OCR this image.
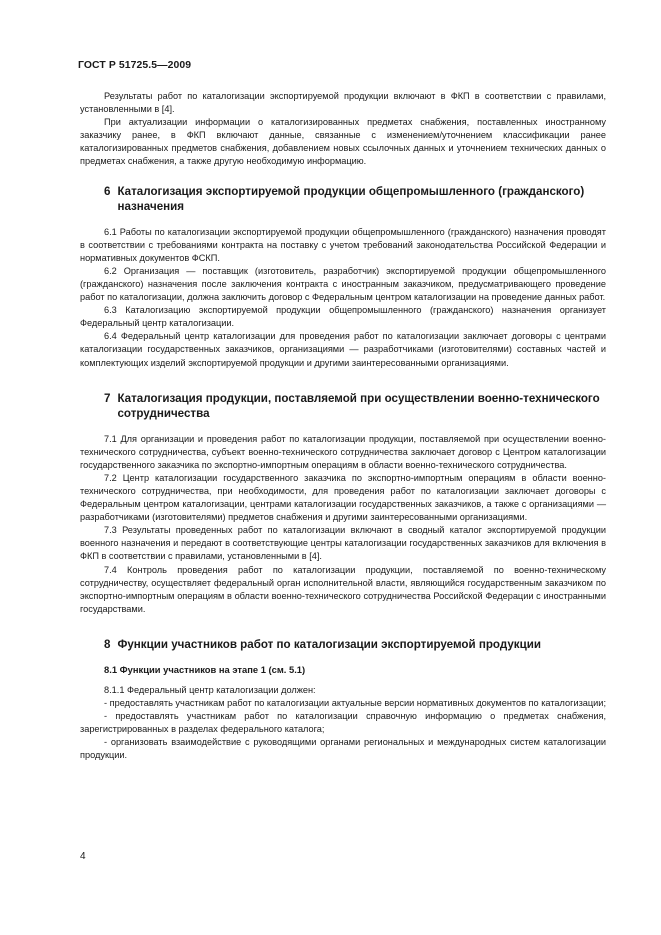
ГОСТ Р 51725.5—2009

Результаты работ по каталогизации экспортируемой продукции включают в ФКП в соответствии с правилами, установленными в [4].

При актуализации информации о каталогизированных предметах снабжения, поставленных иностранному заказчику ранее, в ФКП включают данные, связанные с изменением/уточнением классификации ранее каталогизированных предметов снабжения, добавлением новых ссылочных данных и уточнением технических данных о предметах снабжения, а также другую необходимую информацию.

6 Каталогизация экспортируемой продукции общепромышленного (гражданского) назначения

6.1 Работы по каталогизации экспортируемой продукции общепромышленного (гражданского) назначения проводят в соответствии с требованиями контракта на поставку с учетом требований законодательства Российской Федерации и нормативных документов ФСКП.

6.2 Организация — поставщик (изготовитель, разработчик) экспортируемой продукции общепромышленного (гражданского) назначения после заключения контракта с иностранным заказчиком, предусматривающего проведение работ по каталогизации, должна заключить договор с Федеральным центром каталогизации на проведение данных работ.

6.3 Каталогизацию экспортируемой продукции общепромышленного (гражданского) назначения организует Федеральный центр каталогизации.

6.4 Федеральный центр каталогизации для проведения работ по каталогизации заключает договоры с центрами каталогизации государственных заказчиков, организациями — разработчиками (изготовителями) составных частей и комплектующих изделий экспортируемой продукции и другими заинтересованными организациями.

7 Каталогизация продукции, поставляемой при осуществлении военно-технического сотрудничества

7.1 Для организации и проведения работ по каталогизации продукции, поставляемой при осуществлении военно-технического сотрудничества, субъект военно-технического сотрудничества заключает договор с Центром каталогизации государственного заказчика по экспортно-импортным операциям в области военно-технического сотрудничества.

7.2 Центр каталогизации государственного заказчика по экспортно-импортным операциям в области военно-технического сотрудничества, при необходимости, для проведения работ по каталогизации заключает договоры с Федеральным центром каталогизации, центрами каталогизации государственных заказчиков, а также с организациями — разработчиками (изготовителями) предметов снабжения и другими заинтересованными организациями.

7.3 Результаты проведенных работ по каталогизации включают в сводный каталог экспортируемой продукции военного назначения и передают в соответствующие центры каталогизации государственных заказчиков для включения в ФКП в соответствии с правилами, установленными в [4].

7.4 Контроль проведения работ по каталогизации продукции, поставляемой по военно-техническому сотрудничеству, осуществляет федеральный орган исполнительной власти, являющийся государственным заказчиком по экспортно-импортным операциям в области военно-технического сотрудничества Российской Федерации с иностранными государствами.

8 Функции участников работ по каталогизации экспортируемой продукции
8.1 Функции участников на этапе 1 (см. 5.1)

8.1.1 Федеральный центр каталогизации должен:

- предоставлять участникам работ по каталогизации актуальные версии нормативных документов по каталогизации;

- предоставлять участникам работ по каталогизации справочную информацию о предметах снабжения, зарегистрированных в разделах федерального каталога;

- организовать взаимодействие с руководящими органами региональных и международных систем каталогизации продукции.

4
